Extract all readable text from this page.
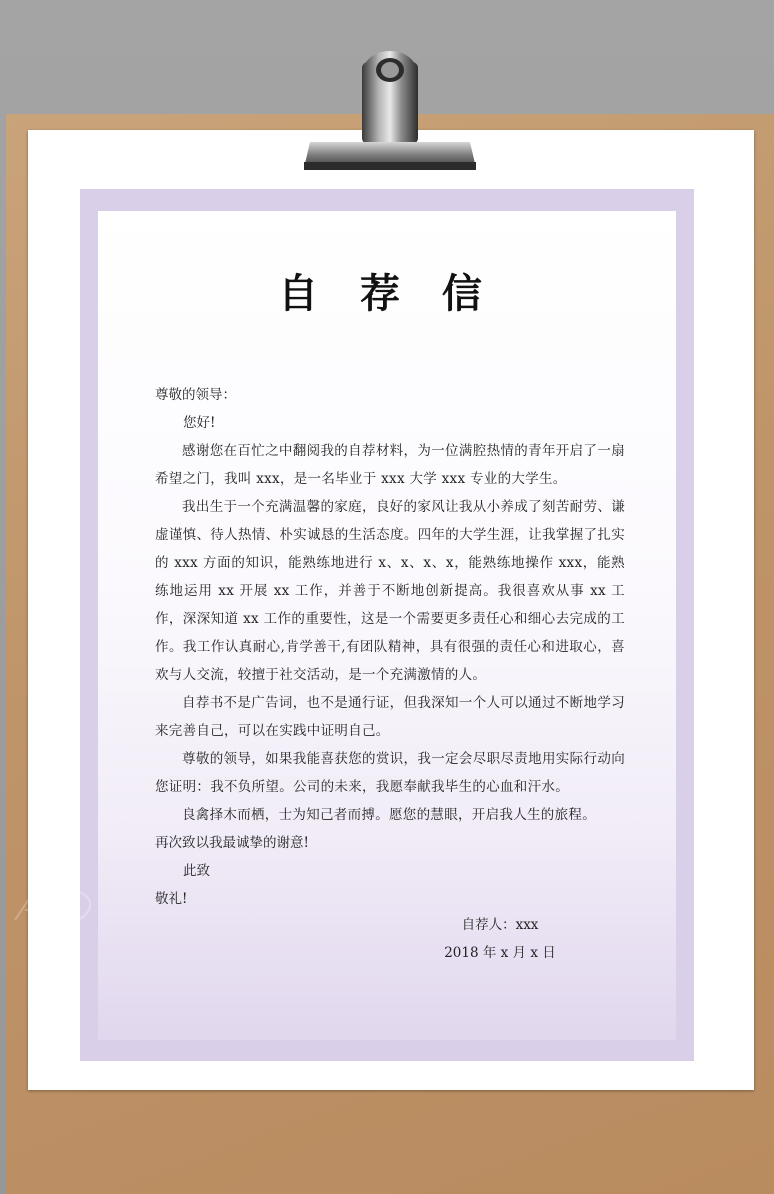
自 荐 信
尊敬的领导：
您好!

感谢您在百忙之中翻阅我的自荐材料，为一位满腔热情的青年开启了一扇希望之门，我叫 xxx，是一名毕业于 xxx 大学 xxx 专业的大学生。

我出生于一个充满温馨的家庭，良好的家风让我从小养成了刻苦耐劳、谦虚谨慎、待人热情、朴实诚恳的生活态度。四年的大学生涯，让我掌握了扎实的 xxx 方面的知识，能熟练地进行 x、x、x、x，能熟练地操作 xxx，能熟练地运用 xx 开展 xx 工作，并善于不断地创新提高。我很喜欢从事 xx 工作，深深知道 xx 工作的重要性，这是一个需要更多责任心和细心去完成的工作。我工作认真耐心,肯学善干,有团队精神，具有很强的责任心和进取心，喜欢与人交流，较擅于社交活动，是一个充满激情的人。

自荐书不是广告词，也不是通行证，但我深知一个人可以通过不断地学习来完善自己，可以在实践中证明自己。

尊敬的领导，如果我能喜获您的赏识，我一定会尽职尽责地用实际行动向您证明：我不负所望。公司的未来，我愿奉献我毕生的心血和汗水。

良禽择木而栖，士为知己者而搏。愿您的慧眼，开启我人生的旅程。

再次致以我最诚挚的谢意!
此致
敬礼!
自荐人：xxx
2018 年 x 月 x 日
